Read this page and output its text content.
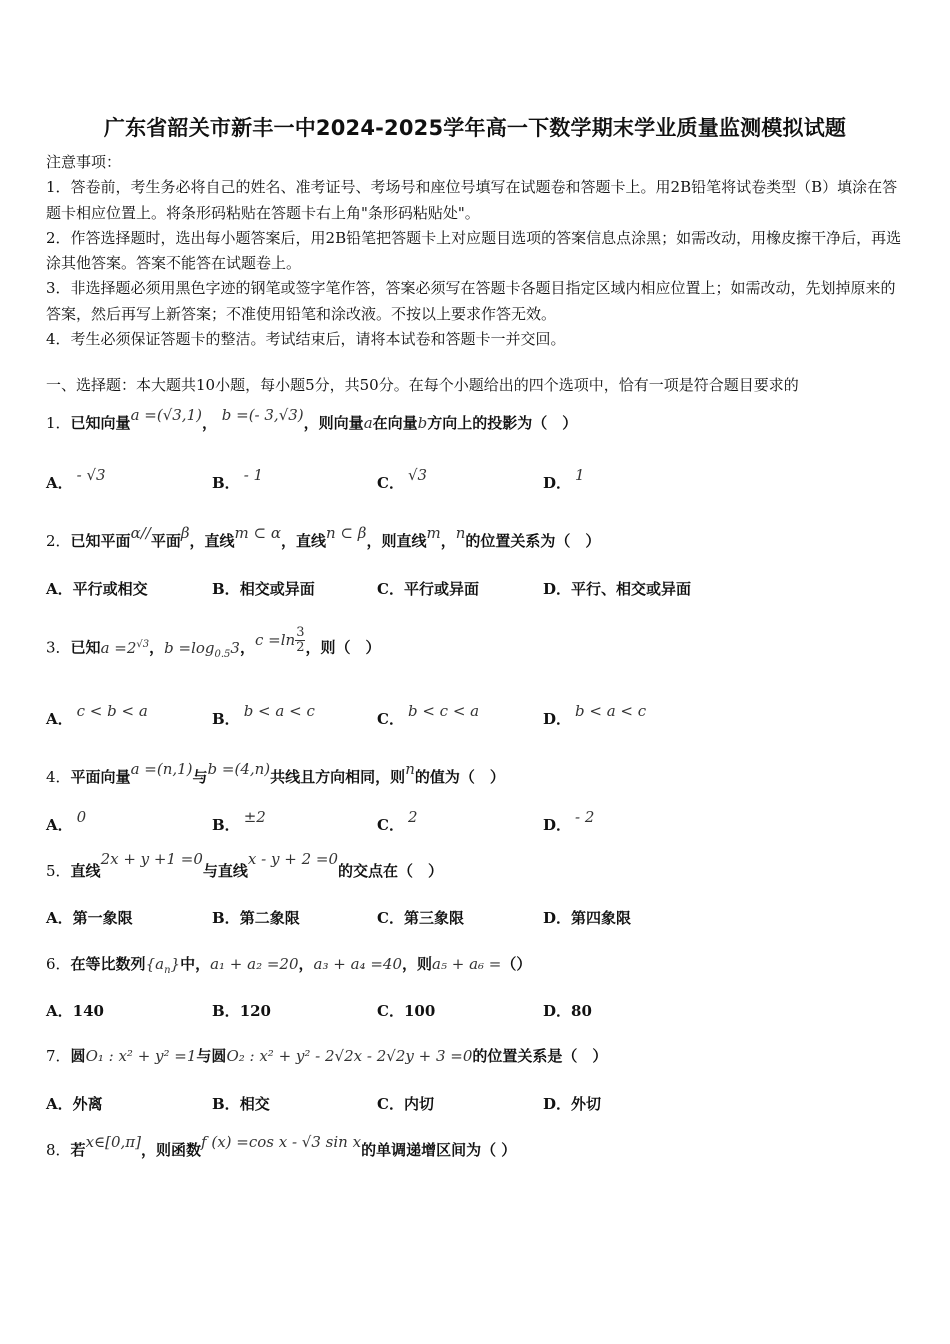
广东省韶关市新丰一中2024-2025学年高一下数学期末学业质量监测模拟试题

注意事项：

1．答卷前，考生务必将自己的姓名、准考证号、考场号和座位号填写在试题卷和答题卡上。用2B铅笔将试卷类型（B）填涂在答题卡相应位置上。将条形码粘贴在答题卡右上角"条形码粘贴处"。

2．作答选择题时，选出每小题答案后，用2B铅笔把答题卡上对应题目选项的答案信息点涂黑；如需改动，用橡皮擦干净后，再选涂其他答案。答案不能答在试题卷上。

3．非选择题必须用黑色字迹的钢笔或签字笔作答，答案必须写在答题卡各题目指定区域内相应位置上；如需改动，先划掉原来的答案，然后再写上新答案；不准使用铅笔和涂改液。不按以上要求作答无效。

4．考生必须保证答题卡的整洁。考试结束后，请将本试卷和答题卡一并交回。

一、选择题：本大题共10小题，每小题5分，共50分。在每个小题给出的四个选项中，恰有一项是符合题目要求的
1．已知向量a =(√3,1)， b =(- 3,√3)，则向量a在向量b方向上的投影为（　）
A． - √3	B． - 1	C． √3	D． 1
2．已知平面α//平面β，直线m ⊂ α，直线n ⊂ β，则直线m，n的位置关系为（　）
A．平行或相交	B．相交或异面	C．平行或异面	D．平行、相交或异面
3．已知$a =2^{√3}$，$b =\log_{0.5}3$，$c =\ln \frac{3}{2}$ ，则（　）
A． c < b < a	B． b < a < c	C． b < c < a	D． b < a < c
4．平面向量a =(n,1)与b =(4,n)共线且方向相同，则n的值为（　）
A． 0	B． ±2	C． 2	D． - 2
5．直线2x + y +1 =0与直线x - y + 2 =0的交点在（　）
A．第一象限	B．第二象限	C．第三象限	D．第四象限
6．在等比数列$\{a_n\}$中，a₁ + a₂ =20，a₃ + a₄ =40，则a₅ + a₆ =（）
A．140	B．120	C．100	D．80
7．圆O₁ : x² + y² =1与圆O₂ : x² + y² - 2√2x - 2√2y + 3 =0的位置关系是（　）
A．外离	B．相交	C．内切	D．外切
8．若x∈[0,π]，则函数f (x) =cos x - √3 sin x的单调递增区间为（ ）
